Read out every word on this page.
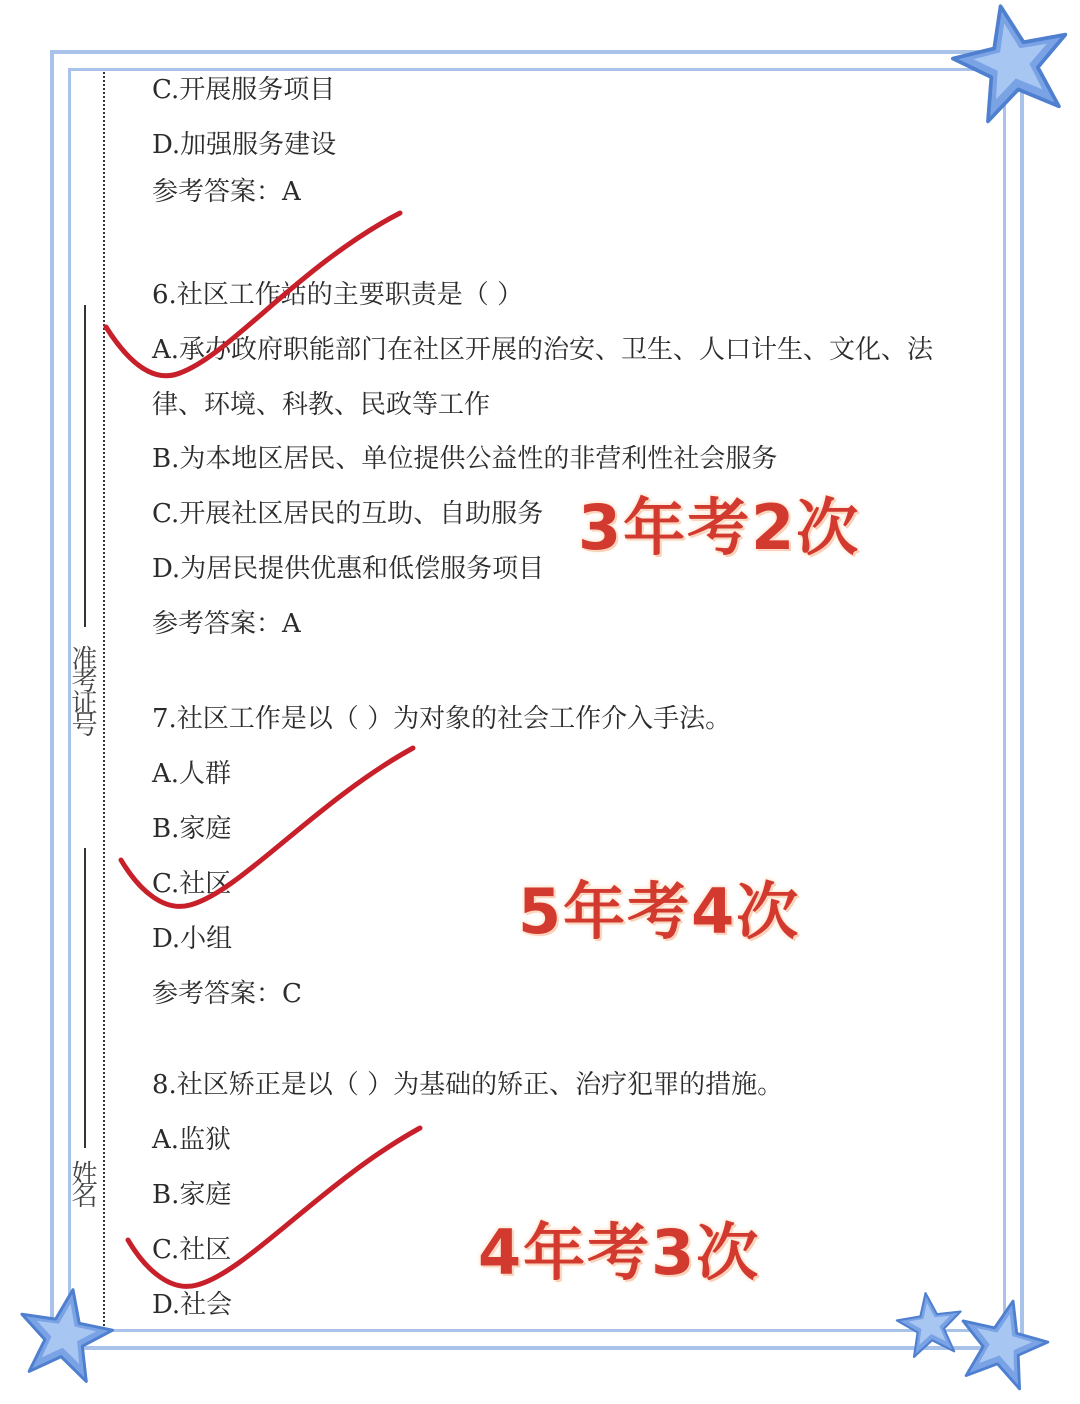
准考证号
姓名
C.开展服务项目
D.加强服务建设
参考答案：A
6.社区工作站的主要职责是（ ）
A.承办政府职能部门在社区开展的治安、卫生、人口计生、文化、法
律、环境、科教、民政等工作
B.为本地区居民、单位提供公益性的非营利性社会服务
C.开展社区居民的互助、自助服务
D.为居民提供优惠和低偿服务项目
参考答案：A
3年考2次
7.社区工作是以（ ）为对象的社会工作介入手法。
A.人群
B.家庭
C.社区
D.小组
参考答案：C
5年考4次
8.社区矫正是以（ ）为基础的矫正、治疗犯罪的措施。
A.监狱
B.家庭
C.社区
D.社会
4年考3次
